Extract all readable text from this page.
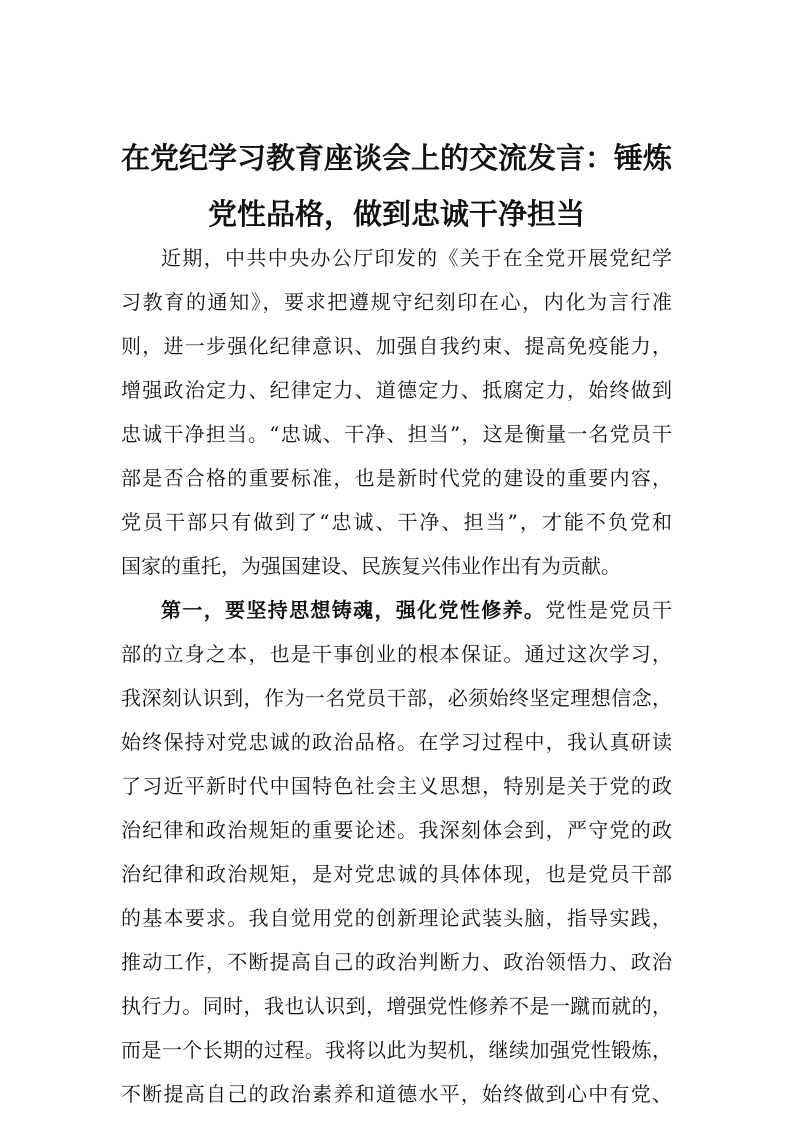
在党纪学习教育座谈会上的交流发言：锤炼
党性品格，做到忠诚干净担当

近期，中共中央办公厅印发的《关于在全党开展党纪学

习教育的通知》，要求把遵规守纪刻印在心，内化为言行准

则，进一步强化纪律意识、加强自我约束、提高免疫能力，

增强政治定力、纪律定力、道德定力、抵腐定力，始终做到

忠诚干净担当。“忠诚、干净、担当”，这是衡量一名党员干

部是否合格的重要标准，也是新时代党的建设的重要内容，

党员干部只有做到了“忠诚、干净、担当”，才能不负党和

国家的重托，为强国建设、民族复兴伟业作出有为贡献。

第一，要坚持思想铸魂，强化党性修养。党性是党员干

部的立身之本，也是干事创业的根本保证。通过这次学习，

我深刻认识到，作为一名党员干部，必须始终坚定理想信念，

始终保持对党忠诚的政治品格。在学习过程中，我认真研读

了习近平新时代中国特色社会主义思想，特别是关于党的政

治纪律和政治规矩的重要论述。我深刻体会到，严守党的政

治纪律和政治规矩，是对党忠诚的具体体现，也是党员干部

的基本要求。我自觉用党的创新理论武装头脑，指导实践，

推动工作，不断提高自己的政治判断力、政治领悟力、政治

执行力。同时，我也认识到，增强党性修养不是一蹴而就的，

而是一个长期的过程。我将以此为契机，继续加强党性锻炼，

不断提高自己的政治素养和道德水平，始终做到心中有党、
